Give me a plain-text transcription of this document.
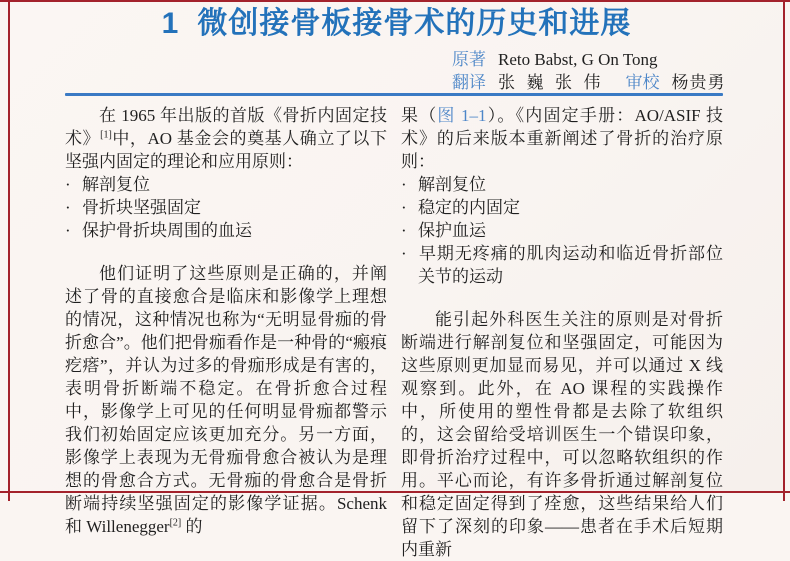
1 微创接骨板接骨术的历史和进展
原著 Reto Babst, G On Tong
翻译 张  巍  张  伟 审校 杨贵勇

在 1965 年出版的首版《骨折内固定技术》[1]中，AO 基金会的奠基人确立了以下坚强内固定的理论和应用原则：

· 解剖复位
· 骨折块坚强固定
· 保护骨折块周围的血运

他们证明了这些原则是正确的，并阐述了骨的直接愈合是临床和影像学上理想的情况，这种情况也称为“无明显骨痂的骨折愈合”。他们把骨痂看作是一种骨的“瘢痕疙瘩”，并认为过多的骨痂形成是有害的，表明骨折断端不稳定。在骨折愈合过程中，影像学上可见的任何明显骨痂都警示我们初始固定应该更加充分。另一方面，影像学上表现为无骨痂骨愈合被认为是理想的骨愈合方式。无骨痂的骨愈合是骨折断端持续坚强固定的影像学证据。Schenk 和 Willenegger[2] 的

果（图 1–1）。《内固定手册：AO/ASIF 技术》的后来版本重新阐述了骨折的治疗原则：

· 解剖复位
· 稳定的内固定
· 保护血运
· 早期无疼痛的肌肉运动和临近骨折部位关节的运动

能引起外科医生关注的原则是对骨折断端进行解剖复位和坚强固定，可能因为这些原则更加显而易见，并可以通过 X 线观察到。此外，在 AO 课程的实践操作中，所使用的塑性骨都是去除了软组织的，这会留给受培训医生一个错误印象，即骨折治疗过程中，可以忽略软组织的作用。平心而论，有许多骨折通过解剖复位和稳定固定得到了痊愈，这些结果给人们留下了深刻的印象——患者在手术后短期内重新
